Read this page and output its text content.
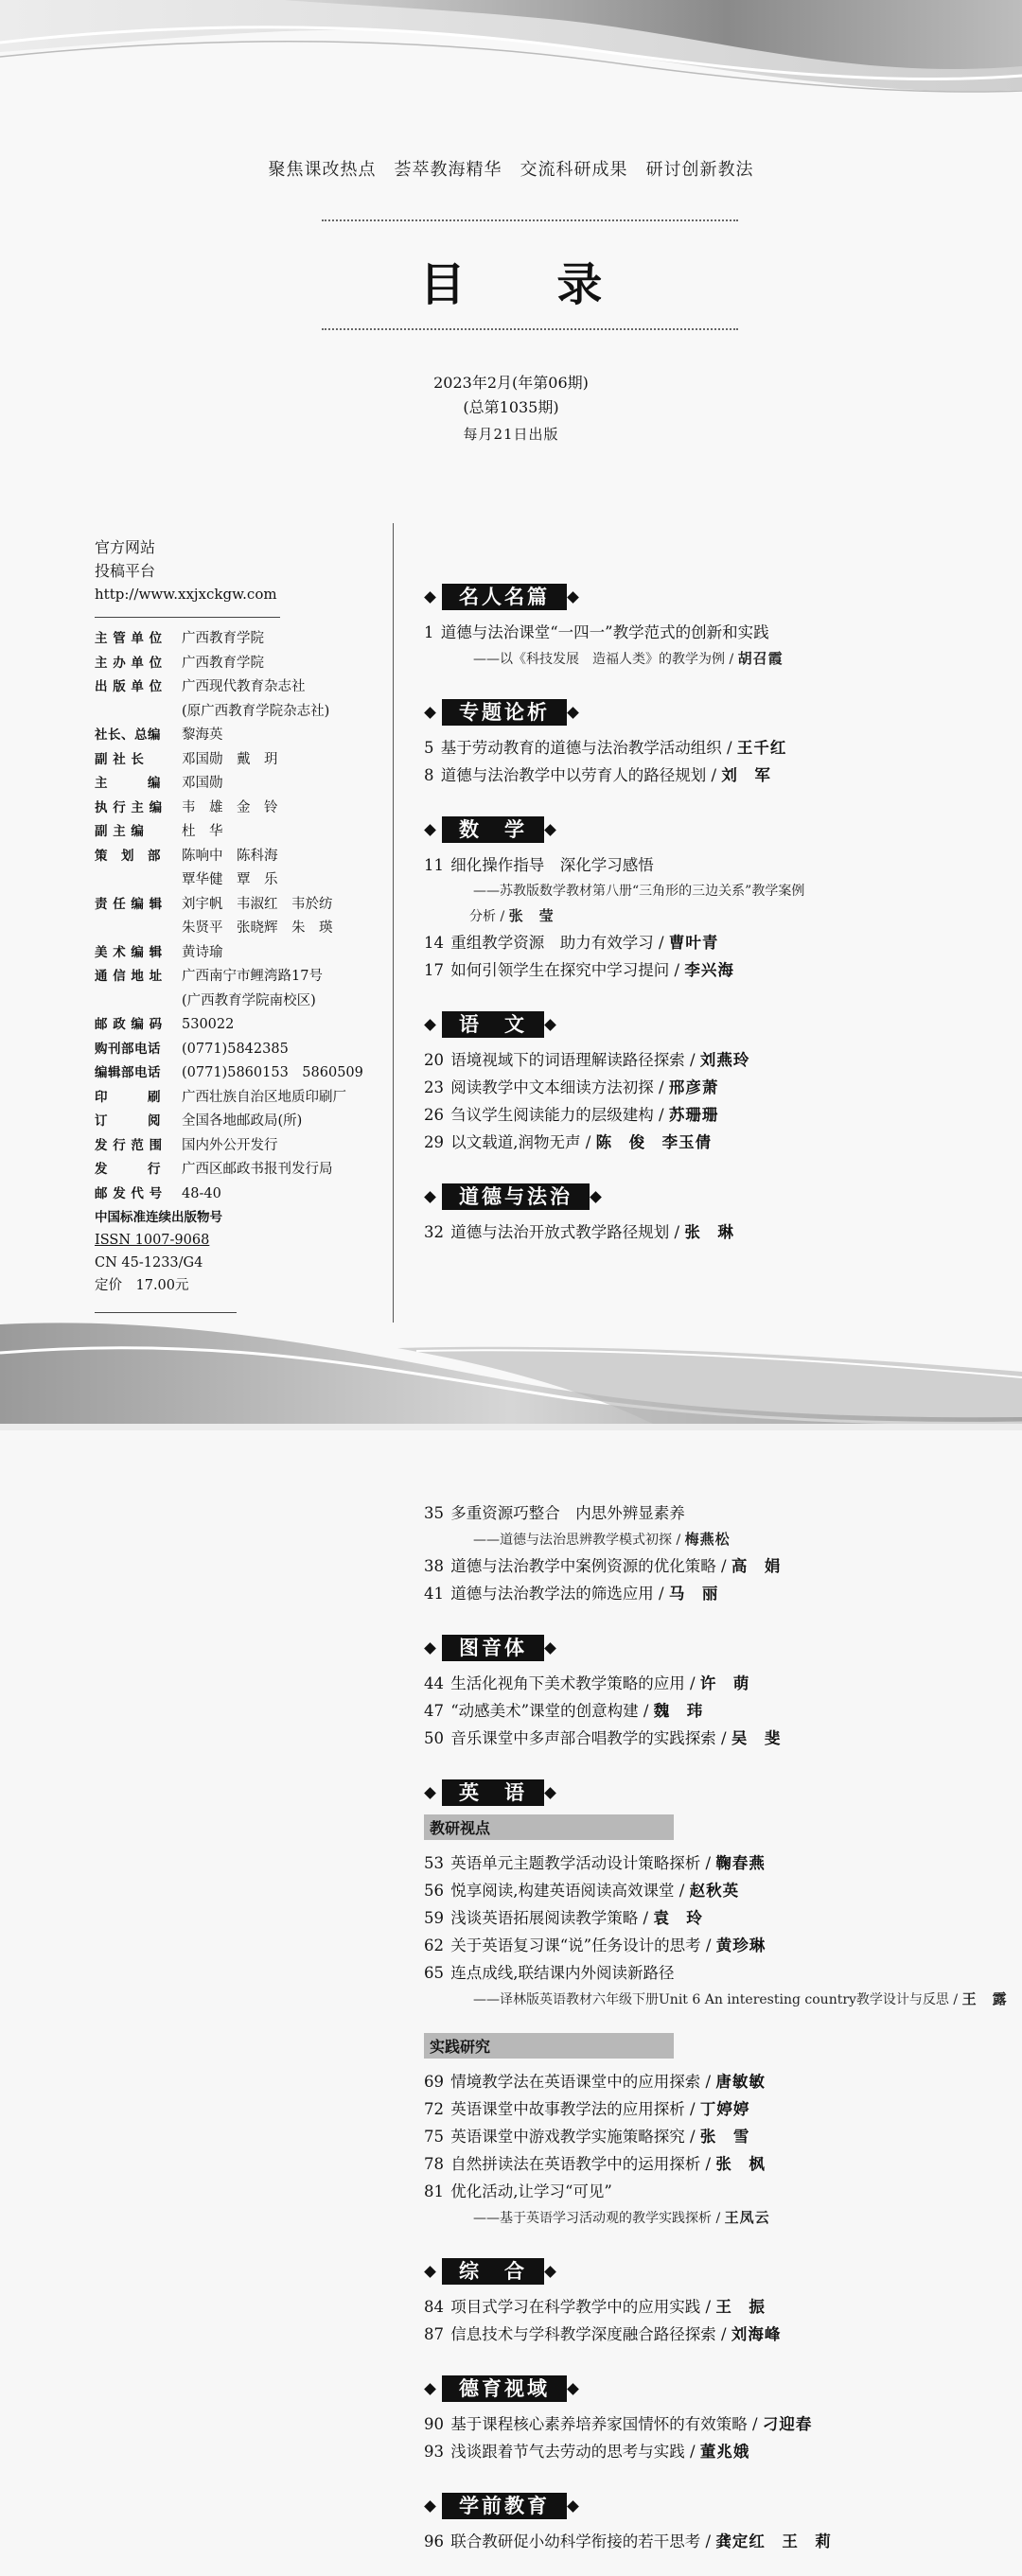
聚焦课改热点　荟萃教海精华　交流科研成果　研讨创新教法
目 录
2023年2月(年第06期)
(总第1035期)
每月21日出版
官方网站
投稿平台
http://www.xxjxckgw.com
主 管 单 位	广西教育学院
主 办 单 位	广西教育学院
出 版 单 位	广西现代教育杂志社
(原广西教育学院杂志社)
社长、总编	黎海英
副 社 长	邓国勋　戴　玥
主　　　编	邓国勋
执 行 主 编	韦　雄　金　铃
副 主 编	杜　华
策　划　部	陈响中　陈科海
覃华健　覃　乐
责 任 编 辑	刘宇帆　韦淑红　韦於纺
朱贤平　张晓辉　朱　瑛
美 术 编 辑	黄诗瑜
通 信 地 址	广西南宁市鲤湾路17号
(广西教育学院南校区)
邮 政 编 码	530022
购刊部电话	(0771)5842385
编辑部电话	(0771)5860153　5860509
印　　　刷	广西壮族自治区地质印刷厂
订　　　阅	全国各地邮政局(所)
发 行 范 围	国内外公开发行
发　　　行	广西区邮政书报刊发行局
邮 发 代 号	48-40
中国标准连续出版物号
ISSN 1007-9068
CN 45-1233/G4
定价　17.00元
名人名篇
1 道德与法治课堂“一四一”教学范式的创新和实践
——以《科技发展　造福人类》的教学为例 / 胡召霞
专题论析
5 基于劳动教育的道德与法治教学活动组织 / 王千红
8 道德与法治教学中以劳育人的路径规划 / 刘　军
数　学
11 细化操作指导　深化学习感悟
——苏教版数学教材第八册“三角形的三边关系”教学案例
分析 / 张　莹
14 重组教学资源　助力有效学习 / 曹叶青
17 如何引领学生在探究中学习提问 / 李兴海
语　文
20 语境视域下的词语理解读路径探索 / 刘燕玲
23 阅读教学中文本细读方法初探 / 邢彦萧
26 刍议学生阅读能力的层级建构 / 苏珊珊
29 以文载道,润物无声 / 陈　俊　李玉倩
道德与法治
32 道德与法治开放式教学路径规划 / 张　琳
35 多重资源巧整合　内思外辨显素养
——道德与法治思辨教学模式初探 / 梅燕松
38 道德与法治教学中案例资源的优化策略 / 高　娟
41 道德与法治教学法的筛选应用 / 马　丽
图音体
44 生活化视角下美术教学策略的应用 / 许　萌
47 “动感美术”课堂的创意构建 / 魏　玮
50 音乐课堂中多声部合唱教学的实践探索 / 吴　斐
英　语
教研视点
53 英语单元主题教学活动设计策略探析 / 鞠春燕
56 悦享阅读,构建英语阅读高效课堂 / 赵秋英
59 浅谈英语拓展阅读教学策略 / 袁　玲
62 关于英语复习课“说”任务设计的思考 / 黄珍琳
65 连点成线,联结课内外阅读新路径
——译林版英语教材六年级下册Unit 6 An interesting country教学设计与反思 / 王　露
实践研究
69 情境教学法在英语课堂中的应用探索 / 唐敏敏
72 英语课堂中故事教学法的应用探析 / 丁婷婷
75 英语课堂中游戏教学实施策略探究 / 张　雪
78 自然拼读法在英语教学中的运用探析 / 张　枫
81 优化活动,让学习“可见”
——基于英语学习活动观的教学实践探析 / 王凤云
综　合
84 项目式学习在科学教学中的应用实践 / 王　振
87 信息技术与学科教学深度融合路径探索 / 刘海峰
德育视域
90 基于课程核心素养培养家国情怀的有效策略 / 刁迎春
93 浅谈跟着节气去劳动的思考与实践 / 董兆娥
学前教育
96 联合教研促小幼科学衔接的若干思考 / 龚定红　王　莉
